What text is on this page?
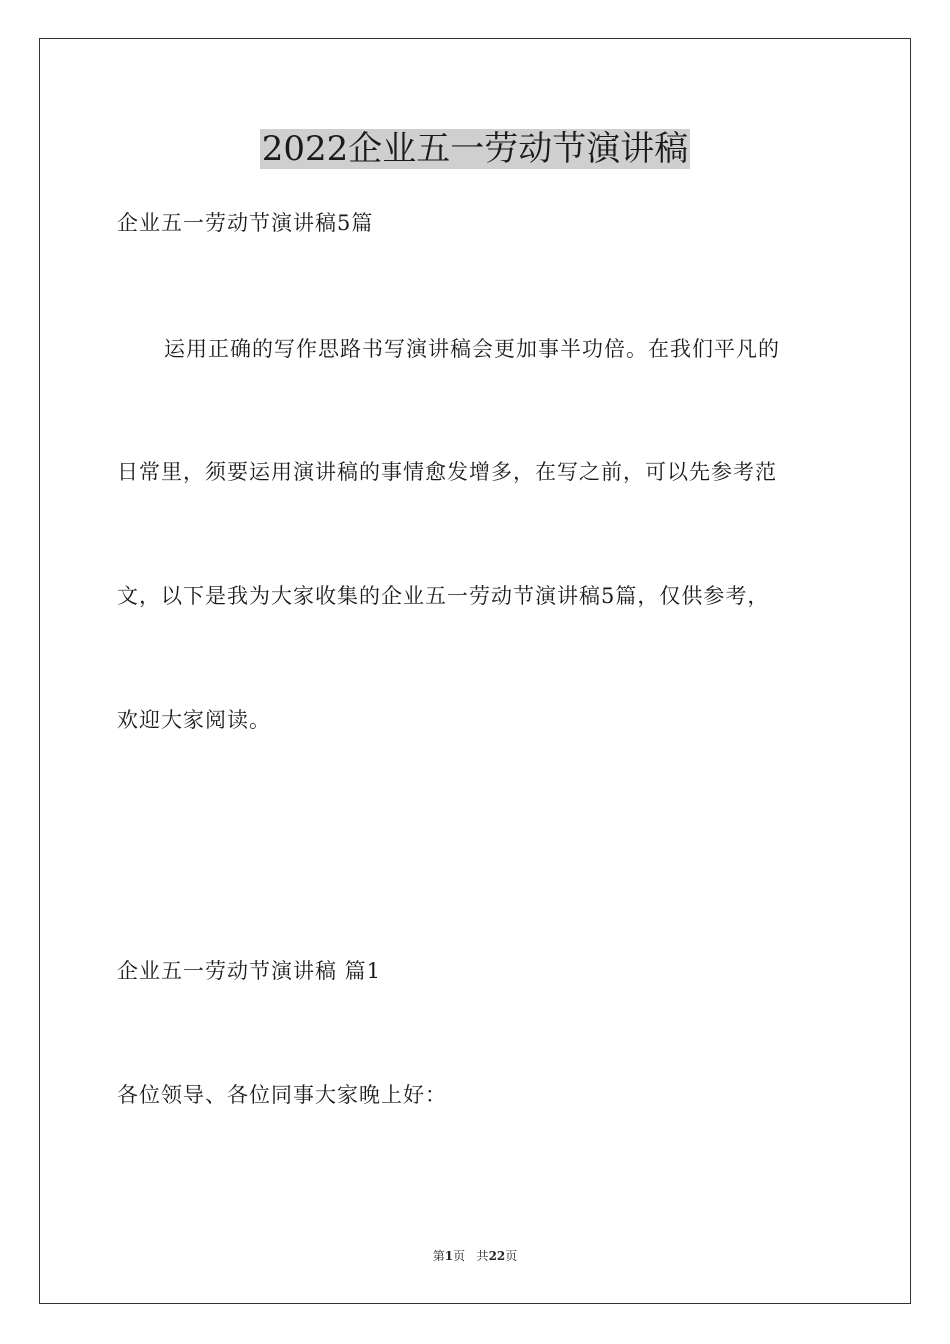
2022企业五一劳动节演讲稿
企业五一劳动节演讲稿5篇
运用正确的写作思路书写演讲稿会更加事半功倍。在我们平凡的
日常里，须要运用演讲稿的事情愈发增多，在写之前，可以先参考范
文，以下是我为大家收集的企业五一劳动节演讲稿5篇，仅供参考，
欢迎大家阅读。
企业五一劳动节演讲稿 篇1
各位领导、各位同事大家晚上好：
第1页 共22页
